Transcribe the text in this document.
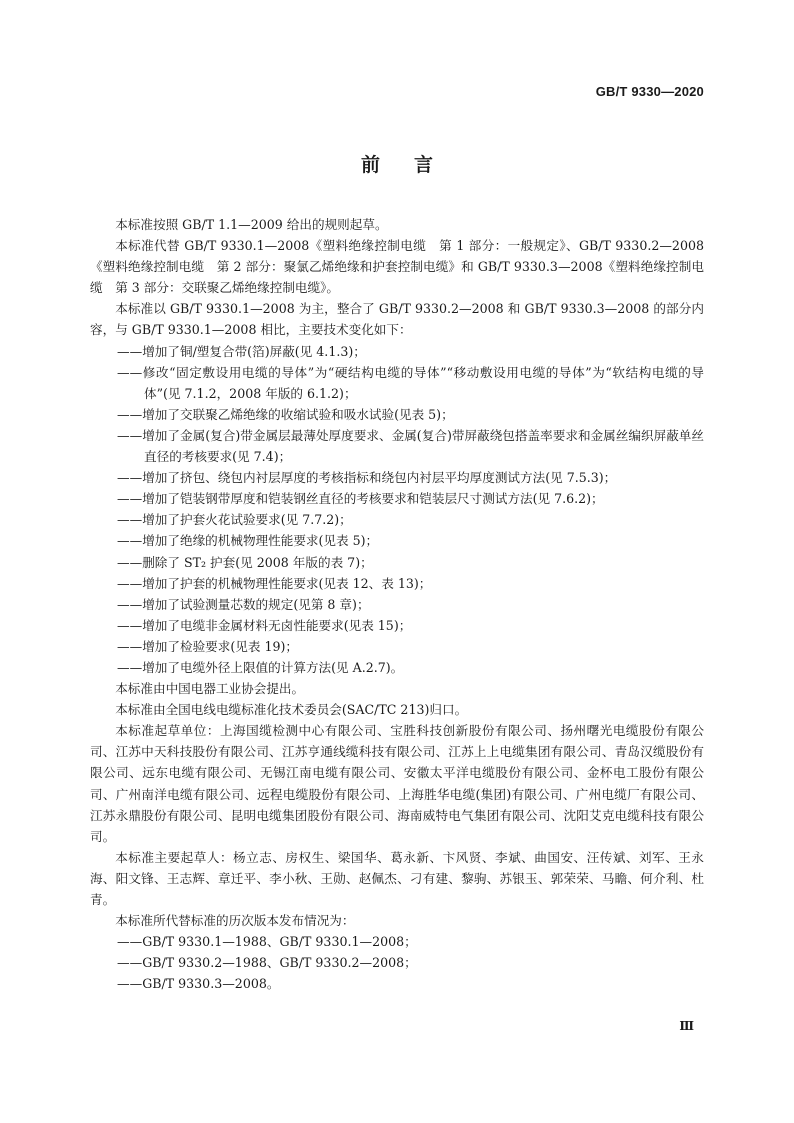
GB/T 9330—2020
前言

本标准按照 GB/T 1.1—2009 给出的规则起草。

本标准代替 GB/T 9330.1—2008《塑料绝缘控制电缆　第 1 部分：一般规定》、GB/T 9330.2—2008《塑料绝缘控制电缆　第 2 部分：聚氯乙烯绝缘和护套控制电缆》和 GB/T 9330.3—2008《塑料绝缘控制电缆　第 3 部分：交联聚乙烯绝缘控制电缆》。

本标准以 GB/T 9330.1—2008 为主，整合了 GB/T 9330.2—2008 和 GB/T 9330.3—2008 的部分内容，与 GB/T 9330.1—2008 相比，主要技术变化如下：

——增加了铜/塑复合带(箔)屏蔽(见 4.1.3)；

——修改“固定敷设用电缆的导体”为“硬结构电缆的导体”“移动敷设用电缆的导体”为“软结构电缆的导体”(见 7.1.2，2008 年版的 6.1.2)；

——增加了交联聚乙烯绝缘的收缩试验和吸水试验(见表 5)；

——增加了金属(复合)带金属层最薄处厚度要求、金属(复合)带屏蔽绕包搭盖率要求和金属丝编织屏蔽单丝直径的考核要求(见 7.4)；

——增加了挤包、绕包内衬层厚度的考核指标和绕包内衬层平均厚度测试方法(见 7.5.3)；

——增加了铠装钢带厚度和铠装钢丝直径的考核要求和铠装层尺寸测试方法(见 7.6.2)；

——增加了护套火花试验要求(见 7.7.2)；

——增加了绝缘的机械物理性能要求(见表 5)；

——删除了 ST₂ 护套(见 2008 年版的表 7)；

——增加了护套的机械物理性能要求(见表 12、表 13)；

——增加了试验测量芯数的规定(见第 8 章)；

——增加了电缆非金属材料无卤性能要求(见表 15)；

——增加了检验要求(见表 19)；

——增加了电缆外径上限值的计算方法(见 A.2.7)。

本标准由中国电器工业协会提出。

本标准由全国电线电缆标准化技术委员会(SAC/TC 213)归口。

本标准起草单位：上海国缆检测中心有限公司、宝胜科技创新股份有限公司、扬州曙光电缆股份有限公司、江苏中天科技股份有限公司、江苏亨通线缆科技有限公司、江苏上上电缆集团有限公司、青岛汉缆股份有限公司、远东电缆有限公司、无锡江南电缆有限公司、安徽太平洋电缆股份有限公司、金杯电工股份有限公司、广州南洋电缆有限公司、远程电缆股份有限公司、上海胜华电缆(集团)有限公司、广州电缆厂有限公司、江苏永鼎股份有限公司、昆明电缆集团股份有限公司、海南威特电气集团有限公司、沈阳艾克电缆科技有限公司。

本标准主要起草人：杨立志、房权生、梁国华、葛永新、卞风贤、李斌、曲国安、汪传斌、刘军、王永海、阳文锋、王志辉、章迁平、李小秋、王勋、赵佩杰、刁有建、黎驹、苏银玉、郭荣荣、马瞻、何介利、杜青。

本标准所代替标准的历次版本发布情况为：

——GB/T 9330.1—1988、GB/T 9330.1—2008；

——GB/T 9330.2—1988、GB/T 9330.2—2008；

——GB/T 9330.3—2008。

Ⅲ
